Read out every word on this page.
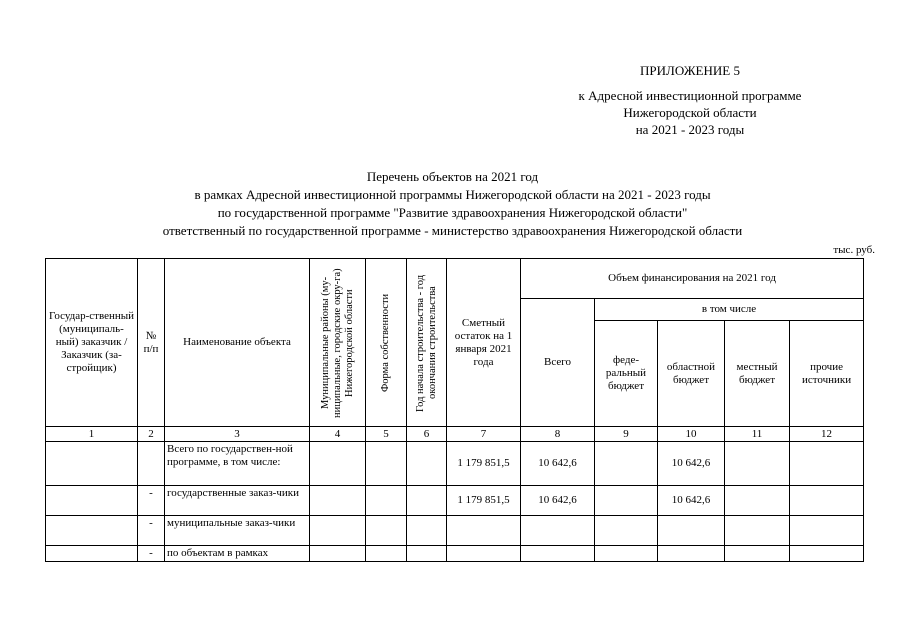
ПРИЛОЖЕНИЕ 5
к Адресной инвестиционной программе
Нижегородской области
на 2021 - 2023 годы
Перечень объектов на 2021 год
в рамках Адресной инвестиционной программы Нижегородской области на 2021 - 2023 годы
по государственной программе "Развитие здравоохранения Нижегородской области"
ответственный по государственной программе - министерство здравоохранения Нижегородской области
тыс. руб.
Государ-ственный (муниципаль-ный) заказчик /Заказчик (за-стройщик)	№ п/п	Наименование объекта	Муниципальные районы (му-ниципальные, городские окру-га) Нижегородской области	Форма собственности	Год начала строительства - год окончания строительства	Сметный остаток на 1 января 2021 года	Объем финансирования на 2021 год				
							Всего	в том числе			
								феде-ральный бюджет	областной бюджет	местный бюджет	прочие источники
1	2	3	4	5	6	7	8	9	10	11	12
		Всего по государствен-ной программе, в том числе:				1 179 851,5	10 642,6		10 642,6		
	-	государственные заказ-чики				1 179 851,5	10 642,6		10 642,6		
	-	муниципальные заказ-чики									
	-	по объектам в рамках									
